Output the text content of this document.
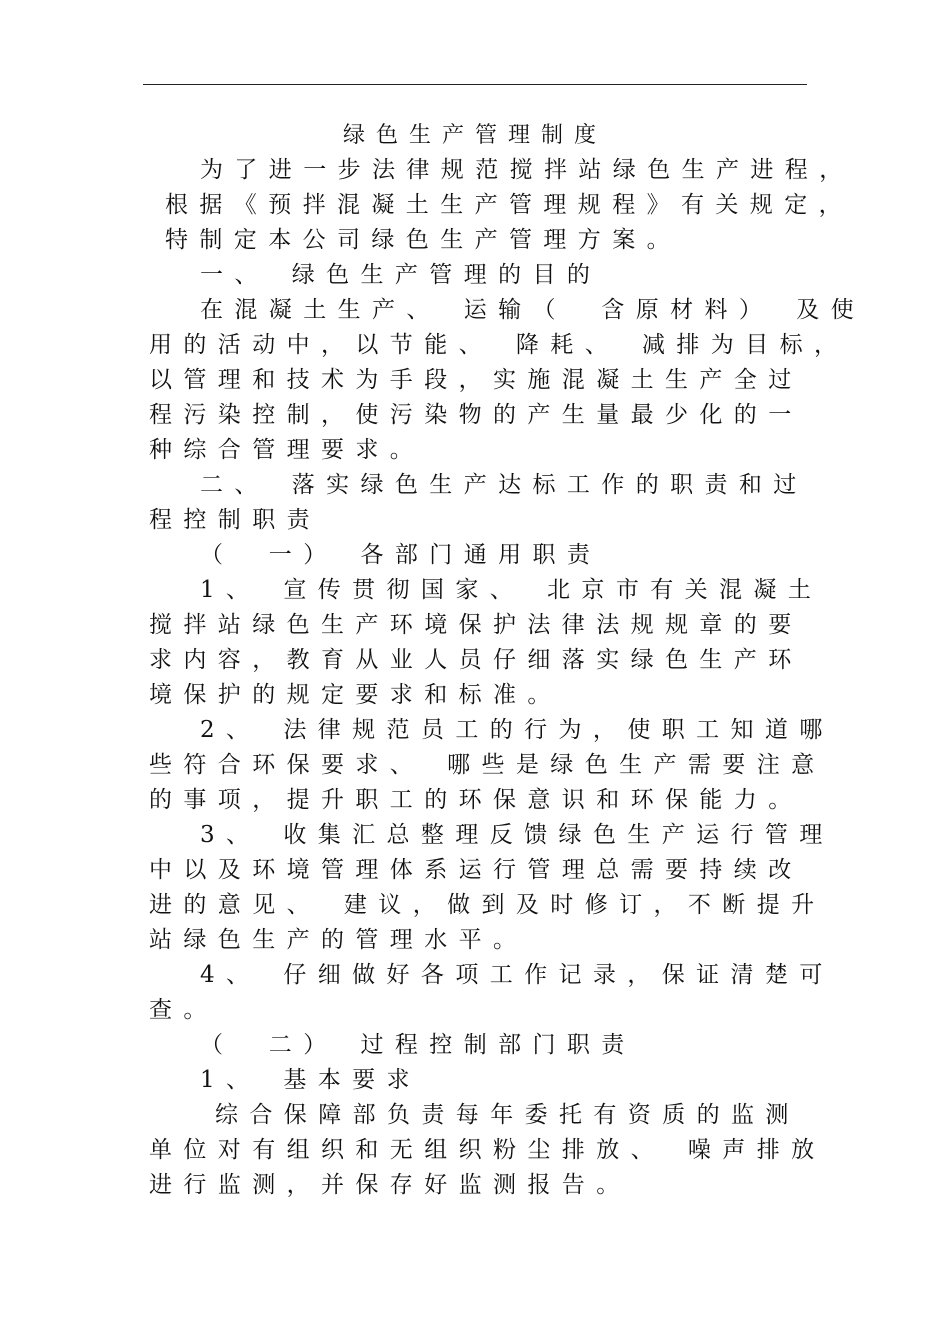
绿色生产管理制度

为了进一步法律规范搅拌站绿色生产进程，

根据《预拌混凝土生产管理规程》有关规定，

特制定本公司绿色生产管理方案。

一、　绿色生产管理的目的

在混凝土生产、　运输（　含原材料）　及使

用的活动中，以节能、　降耗、　减排为目标，

以管理和技术为手段，实施混凝土生产全过

程污染控制，使污染物的产生量最少化的一

种综合管理要求。

二、　落实绿色生产达标工作的职责和过

程控制职责

（　一）　各部门通用职责

1、　宣传贯彻国家、　北京市有关混凝土

搅拌站绿色生产环境保护法律法规规章的要

求内容，教育从业人员仔细落实绿色生产环

境保护的规定要求和标准。

2、　法律规范员工的行为，使职工知道哪

些符合环保要求、　哪些是绿色生产需要注意

的事项，提升职工的环保意识和环保能力。

3、　收集汇总整理反馈绿色生产运行管理

中以及环境管理体系运行管理总需要持续改

进的意见、　建议，做到及时修订，不断提升

站绿色生产的管理水平。

4、　仔细做好各项工作记录，保证清楚可

查。

（　二）　过程控制部门职责

1、　基本要求

综合保障部负责每年委托有资质的监测

单位对有组织和无组织粉尘排放、　噪声排放

进行监测，并保存好监测报告。
